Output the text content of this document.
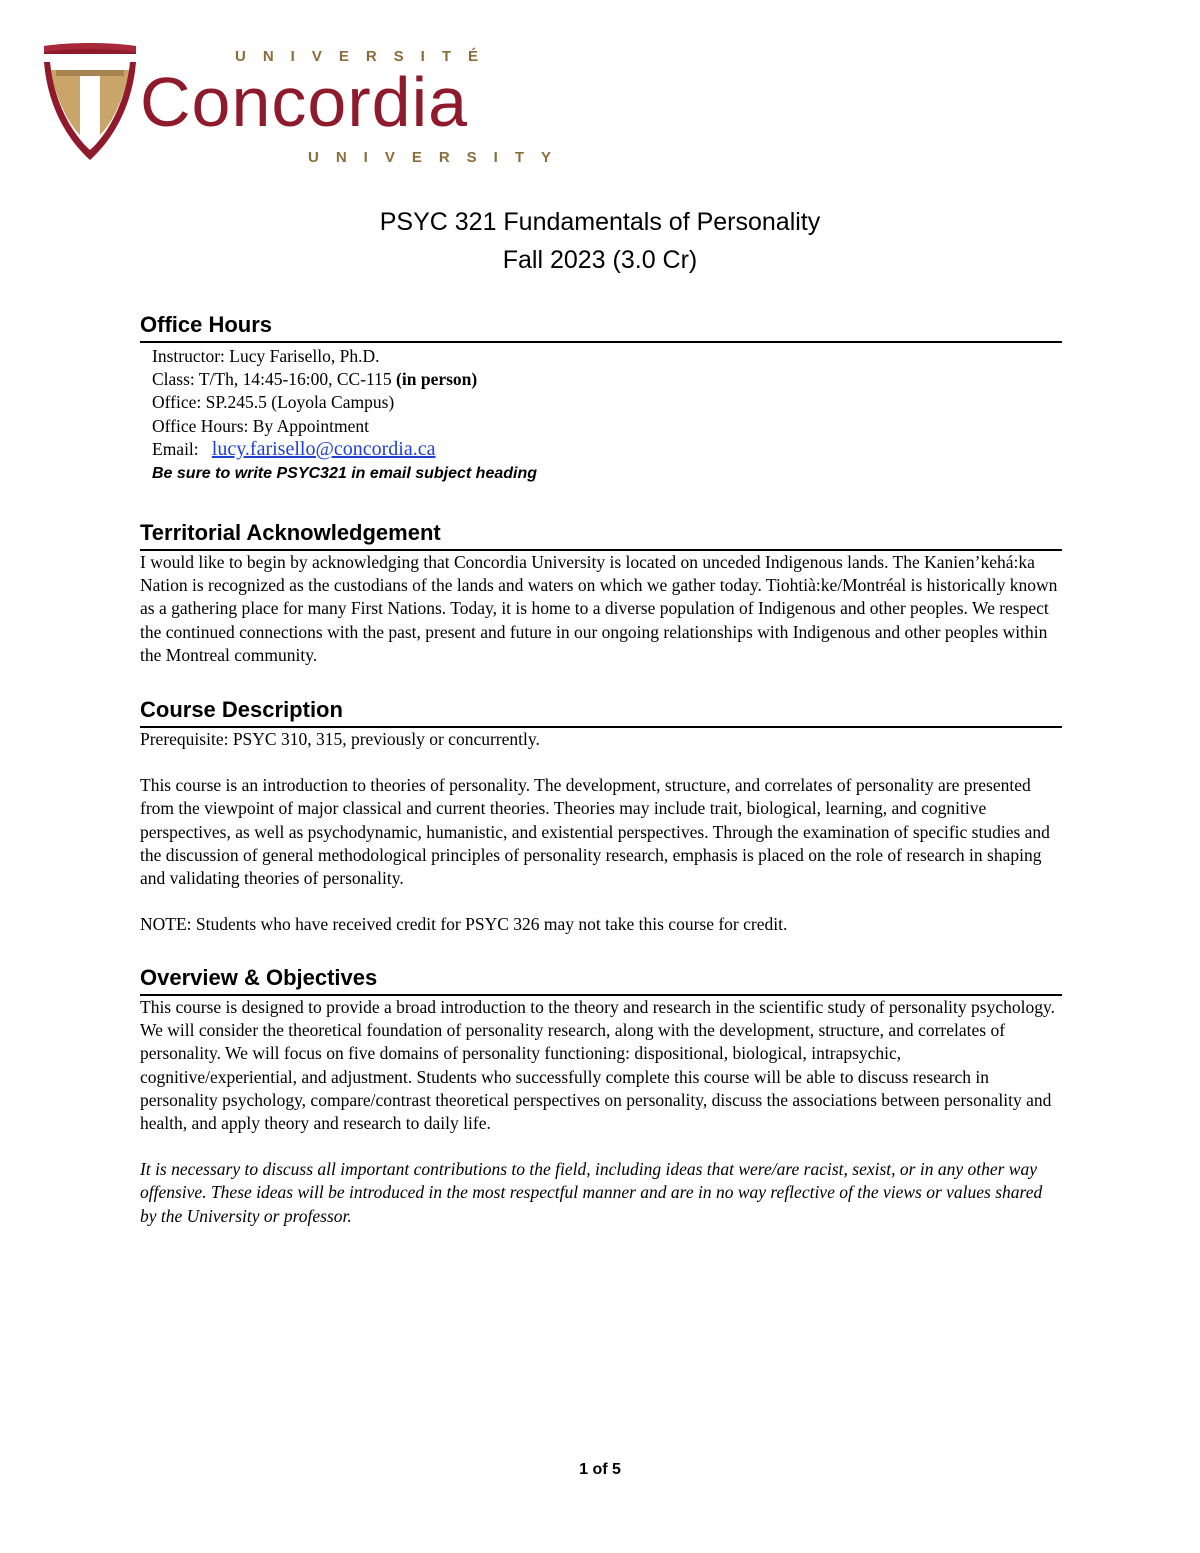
UNIVERSITÉ
Concordia
UNIVERSITY
PSYC 321 Fundamentals of Personality
Fall 2023 (3.0 Cr)
Office Hours
Instructor: Lucy Farisello, Ph.D.
Class: T/Th, 14:45-16:00, CC-115 (in person)
Office: SP.245.5 (Loyola Campus)
Office Hours: By Appointment
Email: lucy.farisello@concordia.ca
Be sure to write PSYC321 in email subject heading
Territorial Acknowledgement
I would like to begin by acknowledging that Concordia University is located on unceded Indigenous lands. The Kanien’kehá:ka Nation is recognized as the custodians of the lands and waters on which we gather today. Tiohtià:ke/Montréal is historically known as a gathering place for many First Nations. Today, it is home to a diverse population of Indigenous and other peoples. We respect the continued connections with the past, present and future in our ongoing relationships with Indigenous and other peoples within the Montreal community.
Course Description
Prerequisite: PSYC 310, 315, previously or concurrently.
This course is an introduction to theories of personality. The development, structure, and correlates of personality are presented from the viewpoint of major classical and current theories. Theories may include trait, biological, learning, and cognitive perspectives, as well as psychodynamic, humanistic, and existential perspectives. Through the examination of specific studies and the discussion of general methodological principles of personality research, emphasis is placed on the role of research in shaping and validating theories of personality.
NOTE: Students who have received credit for PSYC 326 may not take this course for credit.
Overview & Objectives
This course is designed to provide a broad introduction to the theory and research in the scientific study of personality psychology. We will consider the theoretical foundation of personality research, along with the development, structure, and correlates of personality. We will focus on five domains of personality functioning: dispositional, biological, intrapsychic, cognitive/experiential, and adjustment. Students who successfully complete this course will be able to discuss research in personality psychology, compare/contrast theoretical perspectives on personality, discuss the associations between personality and health, and apply theory and research to daily life.
It is necessary to discuss all important contributions to the field, including ideas that were/are racist, sexist, or in any other way offensive. These ideas will be introduced in the most respectful manner and are in no way reflective of the views or values shared by the University or professor.
1 of 5
